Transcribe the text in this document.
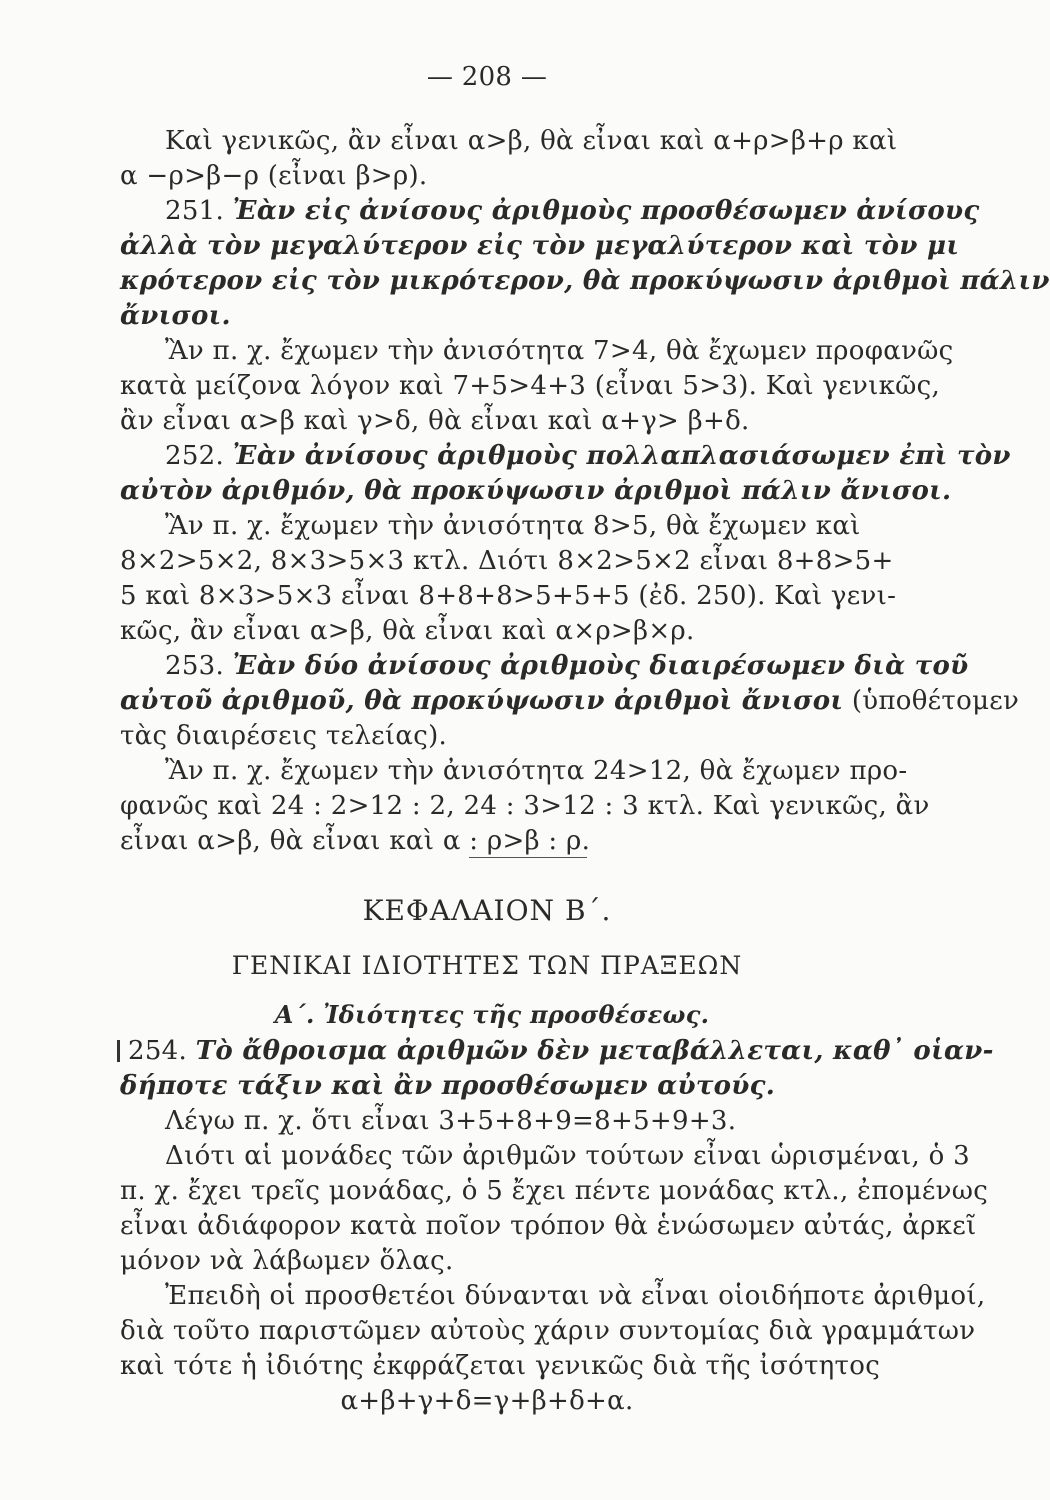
— 208 —
Καὶ γενικῶς, ἂν εἶναι α>β, θὰ εἶναι καὶ α+ρ>β+ρ καὶ
α −ρ>β−ρ (εἶναι β>ρ).
251. Ἐὰν εἰς ἀνίσους ἀριθμοὺς προσθέσωμεν ἀνίσους
ἀλλὰ τὸν μεγαλύτερον εἰς τὸν μεγαλύτερον καὶ τὸν μι
κρότερον εἰς τὸν μικρότερον, θὰ προκύψωσιν ἀριθμοὶ πάλιν
ἄνισοι.
Ἂν π. χ. ἔχωμεν τὴν ἀνισότητα 7>4, θὰ ἔχωμεν προφανῶς
κατὰ μείζονα λόγον καὶ 7+5>4+3 (εἶναι 5>3). Καὶ γενικῶς,
ἂν εἶναι α>β καὶ γ>δ, θὰ εἶναι καὶ α+γ> β+δ.
252. Ἐὰν ἀνίσους ἀριθμοὺς πολλαπλασιάσωμεν ἐπὶ τὸν
αὐτὸν ἀριθμόν, θὰ προκύψωσιν ἀριθμοὶ πάλιν ἄνισοι.
Ἂν π. χ. ἔχωμεν τὴν ἀνισότητα 8>5, θὰ ἔχωμεν καὶ
8×2>5×2, 8×3>5×3 κτλ. Διότι 8×2>5×2 εἶναι 8+8>5+
5 καὶ 8×3>5×3 εἶναι 8+8+8>5+5+5 (ἐδ. 250). Καὶ γενι-
κῶς, ἂν εἶναι α>β, θὰ εἶναι καὶ α×ρ>β×ρ.
253. Ἐὰν δύο ἀνίσους ἀριθμοὺς διαιρέσωμεν διὰ τοῦ
αὐτοῦ ἀριθμοῦ, θὰ προκύψωσιν ἀριθμοὶ ἄνισοι (ὑποθέτομεν
τὰς διαιρέσεις τελείας).
Ἂν π. χ. ἔχωμεν τὴν ἀνισότητα 24>12, θὰ ἔχωμεν προ-
φανῶς καὶ 24 : 2>12 : 2, 24 : 3>12 : 3 κτλ. Καὶ γενικῶς, ἂν
εἶναι α>β, θὰ εἶναι καὶ α : ρ>β : ρ.
ΚΕΦΑΛΑΙΟΝ Β΄.
ΓΕΝΙΚΑΙ ΙΔΙΟΤΗΤΕΣ ΤΩΝ ΠΡΑΞΕΩΝ
Α΄. Ἰδιότητες τῆς προσθέσεως.
254. Τὸ ἄθροισμα ἀριθμῶν δὲν μεταβάλλεται, καθ᾽ οἱαν-
δήποτε τάξιν καὶ ἂν προσθέσωμεν αὐτούς.
Λέγω π. χ. ὅτι εἶναι 3+5+8+9=8+5+9+3.
Διότι αἱ μονάδες τῶν ἀριθμῶν τούτων εἶναι ὡρισμέναι, ὁ 3
π. χ. ἔχει τρεῖς μονάδας, ὁ 5 ἔχει πέντε μονάδας κτλ., ἐπομένως
εἶναι ἀδιάφορον κατὰ ποῖον τρόπον θὰ ἑνώσωμεν αὐτάς, ἀρκεῖ
μόνον νὰ λάβωμεν ὅλας.
Ἐπειδὴ οἱ προσθετέοι δύνανται νὰ εἶναι οἱοιδήποτε ἀριθμοί,
διὰ τοῦτο παριστῶμεν αὐτοὺς χάριν συντομίας διὰ γραμμάτων
καὶ τότε ἡ ἰδιότης ἐκφράζεται γενικῶς διὰ τῆς ἰσότητος
α+β+γ+δ=γ+β+δ+α.
